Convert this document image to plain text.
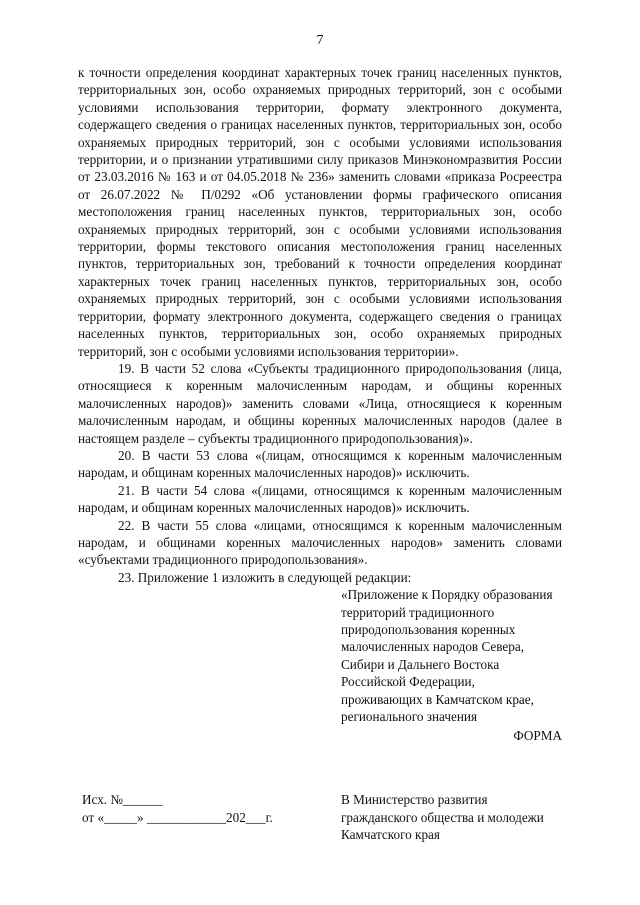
7

к точности определения координат характерных точек границ населенных пунктов, территориальных зон, особо охраняемых природных территорий, зон с особыми условиями использования территории, формату электронного документа, содержащего сведения о границах населенных пунктов, территориальных зон, особо охраняемых природных территорий, зон с особыми условиями использования территории, и о признании утратившими силу приказов Минэкономразвития России от 23.03.2016 № 163 и от 04.05.2018 № 236» заменить словами «приказа Росреестра от 26.07.2022 № П/0292 «Об установлении формы графического описания местоположения границ населенных пунктов, территориальных зон, особо охраняемых природных территорий, зон с особыми условиями использования территории, формы текстового описания местоположения границ населенных пунктов, территориальных зон, требований к точности определения координат характерных точек границ населенных пунктов, территориальных зон, особо охраняемых природных территорий, зон с особыми условиями использования территории, формату электронного документа, содержащего сведения о границах населенных пунктов, территориальных зон, особо охраняемых природных территорий, зон с особыми условиями использования территории».

19. В части 52 слова «Субъекты традиционного природопользования (лица, относящиеся к коренным малочисленным народам, и общины коренных малочисленных народов)» заменить словами «Лица, относящиеся к коренным малочисленным народам, и общины коренных малочисленных народов (далее в настоящем разделе – субъекты традиционного природопользования)».

20. В части 53 слова «(лицам, относящимся к коренным малочисленным народам, и общинам коренных малочисленных народов)» исключить.

21. В части 54 слова «(лицами, относящимся к коренным малочисленным народам, и общинам коренных малочисленных народов)» исключить.

22. В части 55 слова «лицами, относящимся к коренным малочисленным народам, и общинами коренных малочисленных народов» заменить словами «субъектами традиционного природопользования».

23. Приложение 1 изложить в следующей редакции:

«Приложение к Порядку образования
территорий традиционного
природопользования коренных
малочисленных народов Севера,
Сибири и Дальнего Востока
Российской Федерации,
проживающих в Камчатском крае,
регионального значения
ФОРМА
Исх. №______
от «_____» ____________202___г.
В Министерство развития
гражданского общества и молодежи
Камчатского края
